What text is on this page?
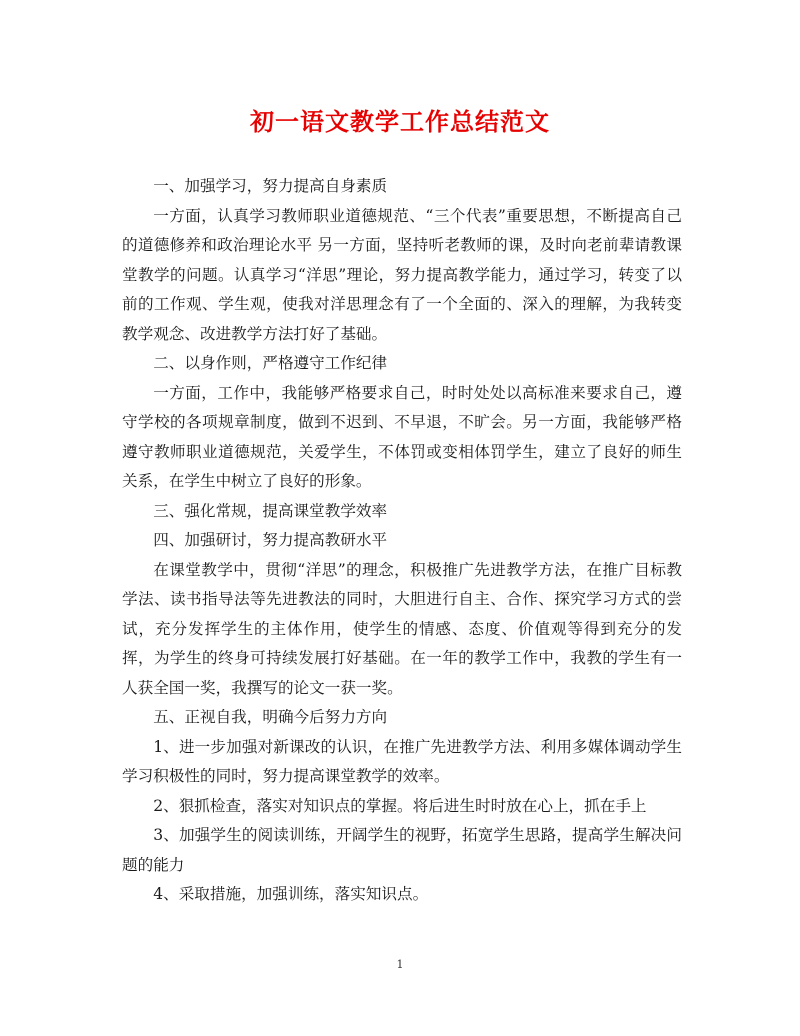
初一语文教学工作总结范文

一、加强学习，努力提高自身素质

一方面，认真学习教师职业道德规范、“三个代表”重要思想，不断提高自己的道德修养和政治理论水平 另一方面，坚持听老教师的课，及时向老前辈请教课堂教学的问题。认真学习“洋思”理论，努力提高教学能力，通过学习，转变了以前的工作观、学生观，使我对洋思理念有了一个全面的、深入的理解，为我转变教学观念、改进教学方法打好了基础。

二、以身作则，严格遵守工作纪律

一方面，工作中，我能够严格要求自己，时时处处以高标准来要求自己，遵守学校的各项规章制度，做到不迟到、不早退，不旷会。另一方面，我能够严格遵守教师职业道德规范，关爱学生，不体罚或变相体罚学生，建立了良好的师生关系，在学生中树立了良好的形象。

三、强化常规，提高课堂教学效率

四、加强研讨，努力提高教研水平

在课堂教学中，贯彻“洋思”的理念，积极推广先进教学方法，在推广目标教学法、读书指导法等先进教法的同时，大胆进行自主、合作、探究学习方式的尝试，充分发挥学生的主体作用，使学生的情感、态度、价值观等得到充分的发挥，为学生的终身可持续发展打好基础。在一年的教学工作中，我教的学生有一人获全国一奖，我撰写的论文一获一奖。

五、正视自我，明确今后努力方向

1、进一步加强对新课改的认识，在推广先进教学方法、利用多媒体调动学生学习积极性的同时，努力提高课堂教学的效率。

2、狠抓检查，落实对知识点的掌握。将后进生时时放在心上，抓在手上

3、加强学生的阅读训练，开阔学生的视野，拓宽学生思路，提高学生解决问题的能力

4、采取措施，加强训练，落实知识点。

1
